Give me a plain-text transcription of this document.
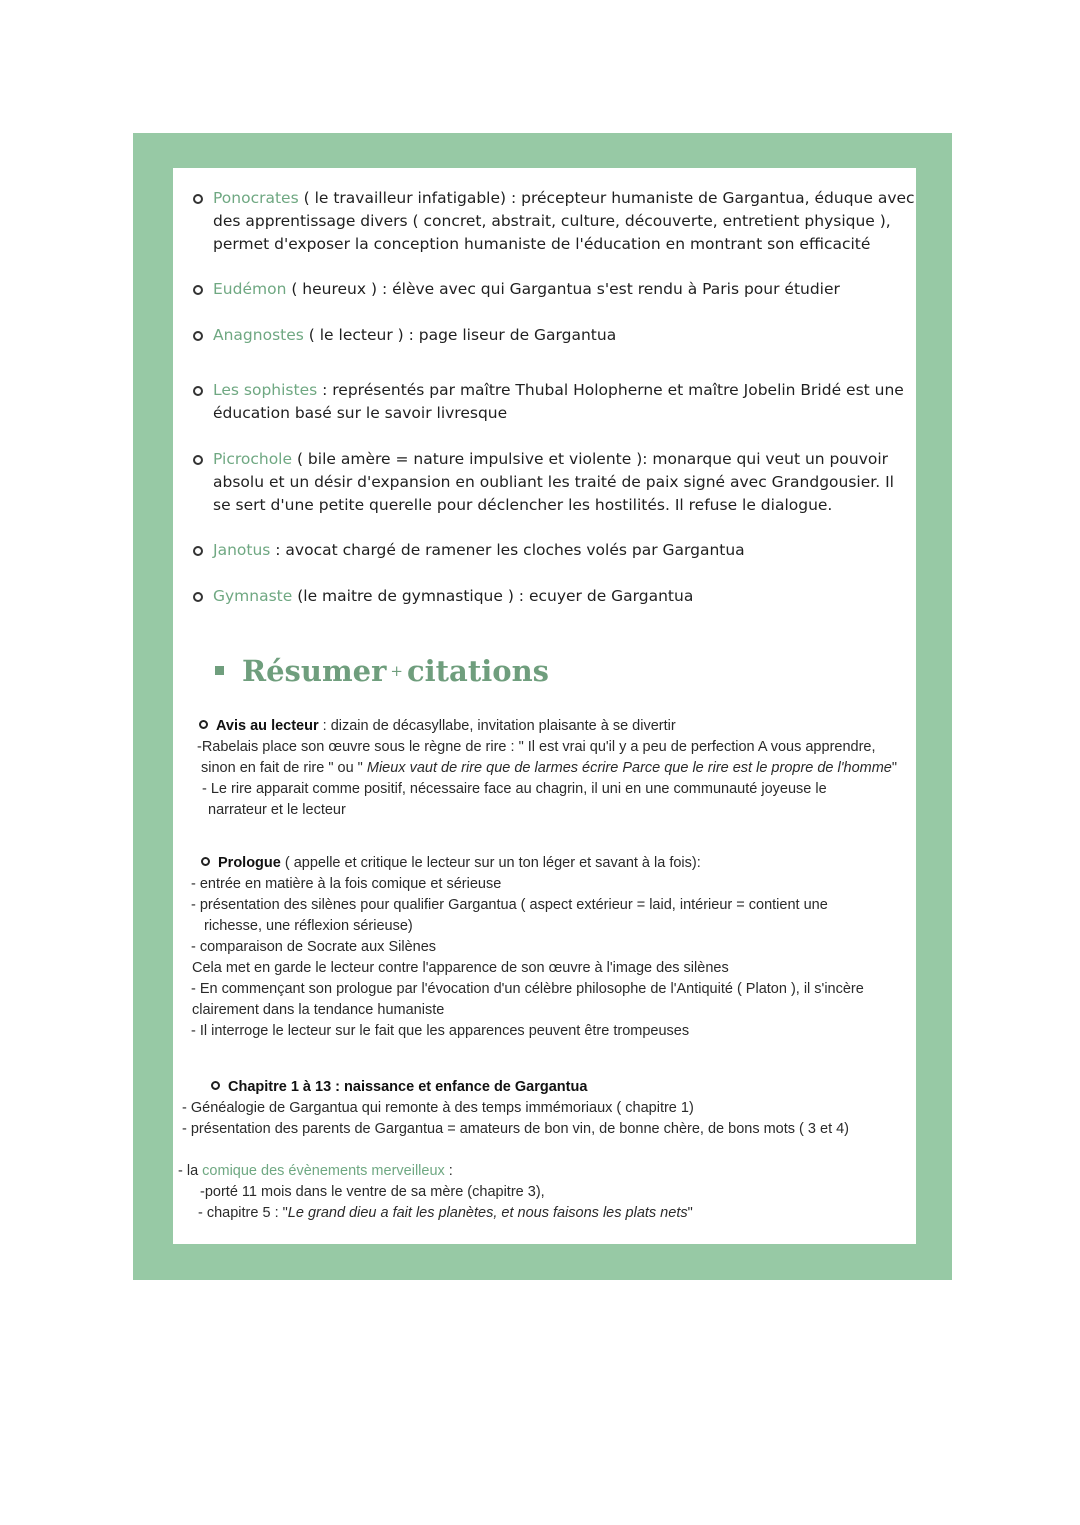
Ponocrates ( le travailleur infatigable) : précepteur humaniste de Gargantua, éduque avec des apprentissage divers ( concret, abstrait, culture, découverte, entretient physique ), permet d'exposer la conception humaniste de l'éducation en montrant son efficacité
Eudémon ( heureux ) : élève avec qui Gargantua s'est rendu à Paris pour étudier
Anagnostes ( le lecteur ) : page liseur de Gargantua
Les sophistes : représentés par maître Thubal Holopherne et maître Jobelin Bridé est une éducation basé sur le savoir livresque
Picrochole ( bile amère = nature impulsive et violente ): monarque qui veut un pouvoir absolu et un désir d'expansion en oubliant les traité de paix signé avec Grandgousier. Il se sert d'une petite querelle pour déclencher les hostilités. Il refuse le dialogue.
Janotus : avocat chargé de ramener les cloches volés par Gargantua
Gymnaste (le maitre de gymnastique ) : ecuyer de Gargantua
Résumer + citations
Avis au lecteur : dizain de décasyllabe, invitation plaisante à se divertir
-Rabelais place son œuvre sous le règne de rire : " Il est vrai qu'il y a peu de perfection A vous apprendre,
sinon en fait de rire " ou " Mieux vaut de rire que de larmes écrire Parce que le rire est le propre de l'homme"
- Le rire apparait comme positif, nécessaire face au chagrin, il uni en une communauté joyeuse le
narrateur et le lecteur
Prologue ( appelle et critique le lecteur sur un ton léger et savant à la fois):
- entrée en matière à la fois comique et sérieuse
- présentation des silènes pour qualifier Gargantua ( aspect extérieur = laid, intérieur = contient une
richesse, une réflexion sérieuse)
- comparaison de Socrate aux Silènes
Cela met en garde le lecteur contre l'apparence de son œuvre à l'image des silènes
- En commençant son prologue par l'évocation d'un célèbre philosophe de l'Antiquité ( Platon ), il s'incère
clairement dans la tendance humaniste
- Il interroge le lecteur sur le fait que les apparences peuvent être trompeuses
Chapitre 1 à 13 : naissance et enfance de Gargantua
- Généalogie de Gargantua qui remonte à des temps immémoriaux ( chapitre 1)
- présentation des parents de Gargantua = amateurs de bon vin, de bonne chère, de bons mots ( 3 et 4)
- la comique des évènements merveilleux :
-porté 11 mois dans le ventre de sa mère (chapitre 3),
- chapitre 5 : "Le grand dieu a fait les planètes, et nous faisons les plats nets"
